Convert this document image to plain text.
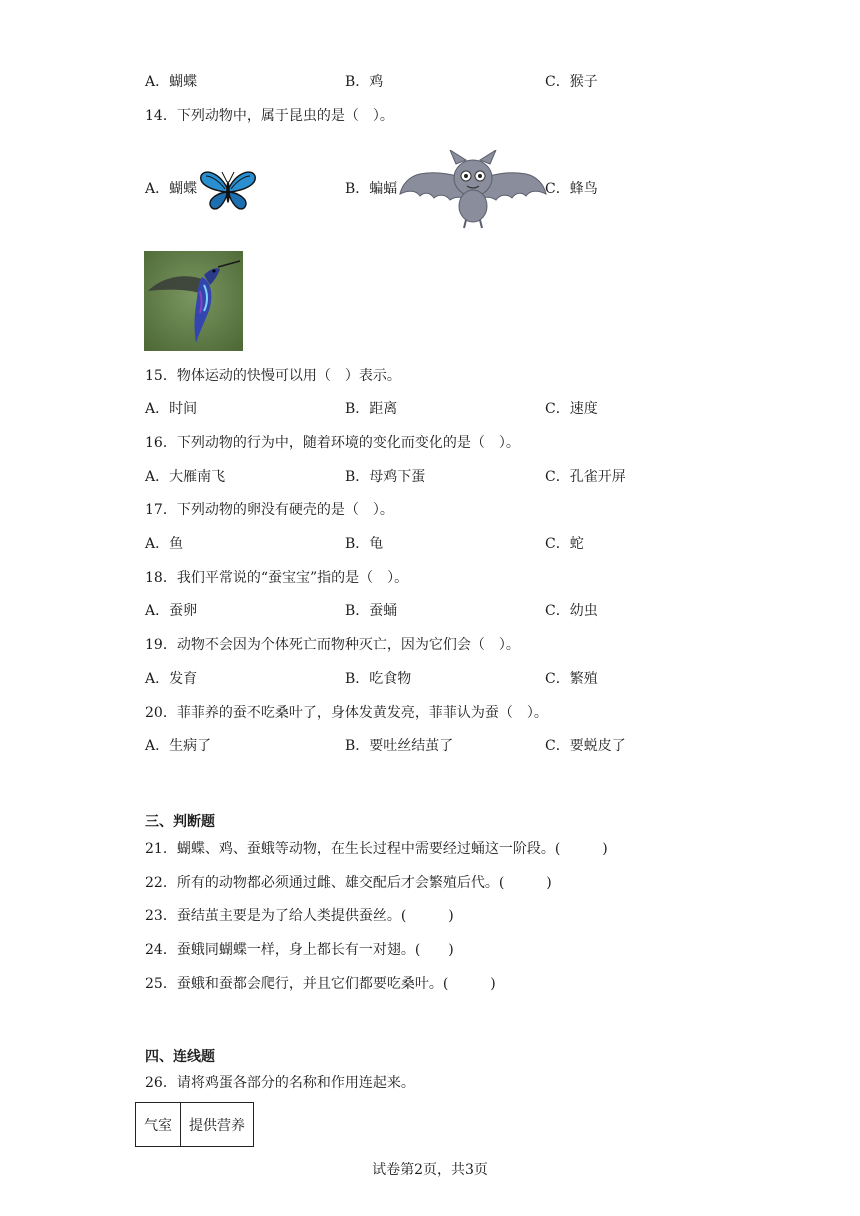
A．蝴蝶	B．鸡	C．猴子
14．下列动物中，属于昆虫的是（　）。
A．蝴蝶	B．蝙蝠	C．蜂鸟
15．物体运动的快慢可以用（　）表示。
A．时间	B．距离	C．速度
16．下列动物的行为中，随着环境的变化而变化的是（　）。
A．大雁南飞	B．母鸡下蛋	C．孔雀开屏
17．下列动物的卵没有硬壳的是（　）。
A．鱼	B．龟	C．蛇
18．我们平常说的“蚕宝宝”指的是（　）。
A．蚕卵	B．蚕蛹	C．幼虫
19．动物不会因为个体死亡而物种灭亡，因为它们会（　）。
A．发育	B．吃食物	C．繁殖
20．菲菲养的蚕不吃桑叶了，身体发黄发亮，菲菲认为蚕（　）。
A．生病了	B．要吐丝结茧了	C．要蜕皮了
三、判断题
21．蝴蝶、鸡、蚕蛾等动物，在生长过程中需要经过蛹这一阶段。(　　　)
22．所有的动物都必须通过雌、雄交配后才会繁殖后代。(　　　)
23．蚕结茧主要是为了给人类提供蚕丝。(　　　)
24．蚕蛾同蝴蝶一样，身上都长有一对翅。(　　)
25．蚕蛾和蚕都会爬行，并且它们都要吃桑叶。(　　　)
四、连线题
26．请将鸡蛋各部分的名称和作用连起来。
气室	提供营养
试卷第2页，共3页
